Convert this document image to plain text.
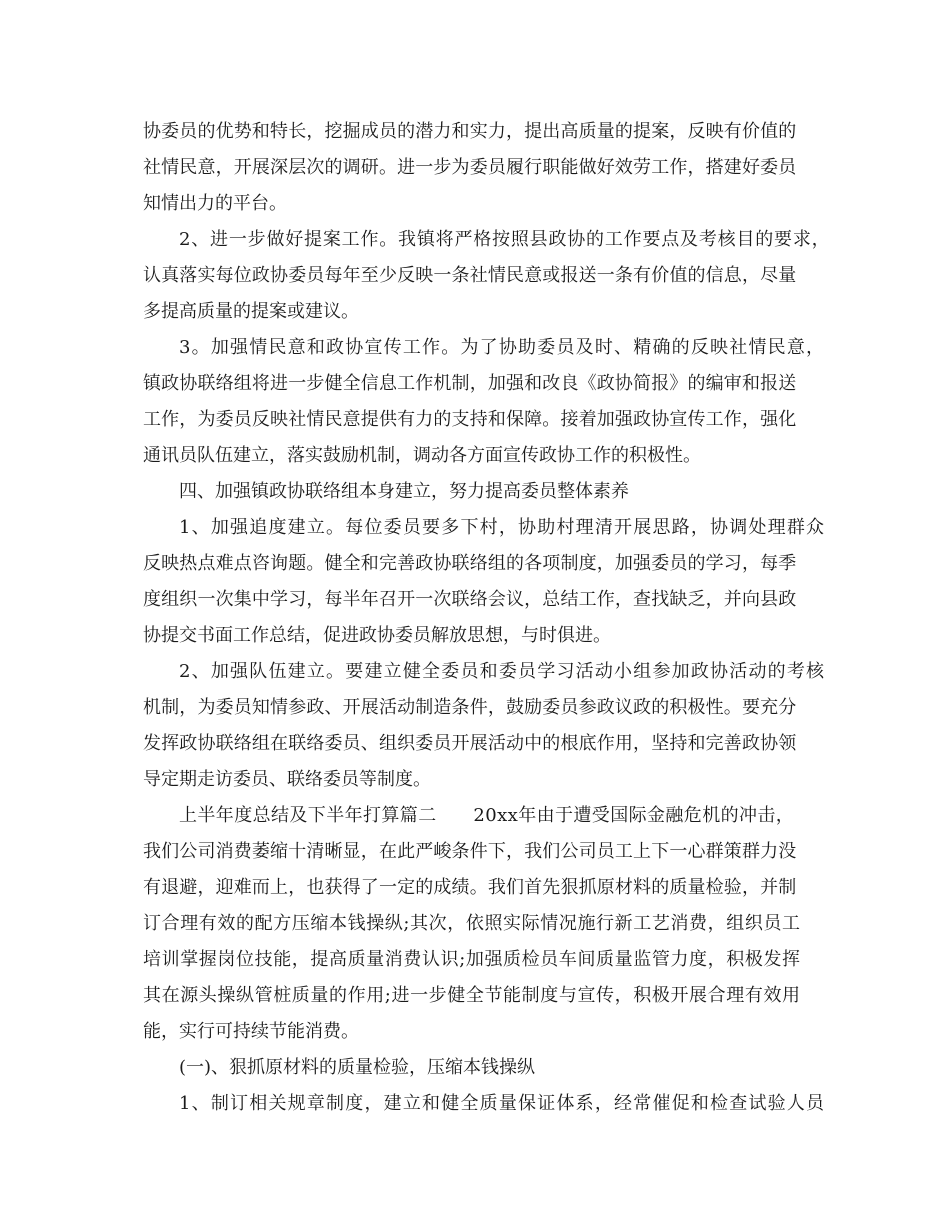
协委员的优势和特长，挖掘成员的潜力和实力，提出高质量的提案，反映有价值的
社情民意，开展深层次的调研。进一步为委员履行职能做好效劳工作，搭建好委员
知情出力的平台。
2、进一步做好提案工作。我镇将严格按照县政协的工作要点及考核目的要求，
认真落实每位政协委员每年至少反映一条社情民意或报送一条有价值的信息，尽量
多提高质量的提案或建议。
3。加强情民意和政协宣传工作。为了协助委员及时、精确的反映社情民意，
镇政协联络组将进一步健全信息工作机制，加强和改良《政协简报》的编审和报送
工作，为委员反映社情民意提供有力的支持和保障。接着加强政协宣传工作，强化
通讯员队伍建立，落实鼓励机制，调动各方面宣传政协工作的积极性。
四、加强镇政协联络组本身建立，努力提高委员整体素养
1、加强追度建立。每位委员要多下村，协助村理清开展思路，协调处理群众
反映热点难点咨询题。健全和完善政协联络组的各项制度，加强委员的学习，每季
度组织一次集中学习，每半年召开一次联络会议，总结工作，查找缺乏，并向县政
协提交书面工作总结，促进政协委员解放思想，与时俱进。
2、加强队伍建立。要建立健全委员和委员学习活动小组参加政协活动的考核
机制，为委员知情参政、开展活动制造条件，鼓励委员参政议政的积极性。要充分
发挥政协联络组在联络委员、组织委员开展活动中的根底作用，坚持和完善政协领
导定期走访委员、联络委员等制度。
上半年度总结及下半年打算篇二　　20xx年由于遭受国际金融危机的冲击，
我们公司消费萎缩十清晰显，在此严峻条件下，我们公司员工上下一心群策群力没
有退避，迎难而上，也获得了一定的成绩。我们首先狠抓原材料的质量检验，并制
订合理有效的配方压缩本钱操纵;其次，依照实际情况施行新工艺消费，组织员工
培训掌握岗位技能，提高质量消费认识;加强质检员车间质量监管力度，积极发挥
其在源头操纵管桩质量的作用;进一步健全节能制度与宣传，积极开展合理有效用
能，实行可持续节能消费。
(一)、狠抓原材料的质量检验，压缩本钱操纵
1、制订相关规章制度，建立和健全质量保证体系，经常催促和检查试验人员
